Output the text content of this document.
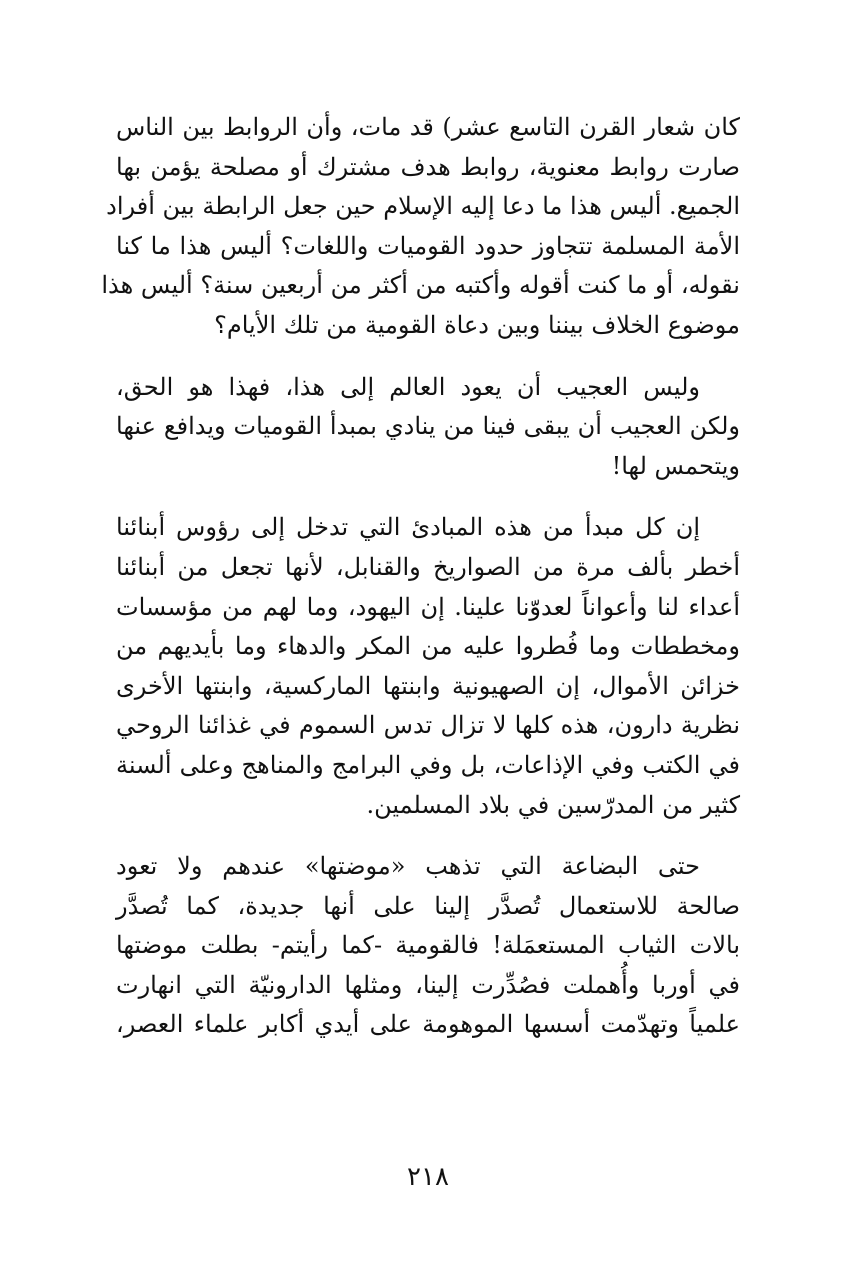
كان شعار القرن التاسع عشر) قد مات، وأن الروابط بين الناس
صارت روابط معنوية، روابط هدف مشترك أو مصلحة يؤمن بها
الجميع. أليس هذا ما دعا إليه الإسلام حين جعل الرابطة بين أفراد
الأمة المسلمة تتجاوز حدود القوميات واللغات؟ أليس هذا ما كنا
نقوله، أو ما كنت أقوله وأكتبه من أكثر من أربعين سنة؟ أليس هذا
موضوع الخلاف بيننا وبين دعاة القومية من تلك الأيام؟

وليس العجيب أن يعود العالم إلى هذا، فهذا هو الحق،
ولكن العجيب أن يبقى فينا من ينادي بمبدأ القوميات ويدافع عنها
ويتحمس لها!

إن كل مبدأ من هذه المبادئ التي تدخل إلى رؤوس أبنائنا
أخطر بألف مرة من الصواريخ والقنابل، لأنها تجعل من أبنائنا
أعداء لنا وأعواناً لعدوّنا علينا. إن اليهود، وما لهم من مؤسسات
ومخططات وما فُطروا عليه من المكر والدهاء وما بأيديهم من
خزائن الأموال، إن الصهيونية وابنتها الماركسية، وابنتها الأخرى
نظرية دارون، هذه كلها لا تزال تدس السموم في غذائنا الروحي
في الكتب وفي الإذاعات، بل وفي البرامج والمناهج وعلى ألسنة
كثير من المدرّسين في بلاد المسلمين.

حتى البضاعة التي تذهب «موضتها» عندهم ولا تعود
صالحة للاستعمال تُصدَّر إلينا على أنها جديدة، كما تُصدَّر
بالات الثياب المستعمَلة! فالقومية -كما رأيتم- بطلت موضتها
في أوربا وأُهملت فصُدِّرت إلينا، ومثلها الدارونيّة التي انهارت
علمياً وتهدّمت أسسها الموهومة على أيدي أكابر علماء العصر،

٢١٨
